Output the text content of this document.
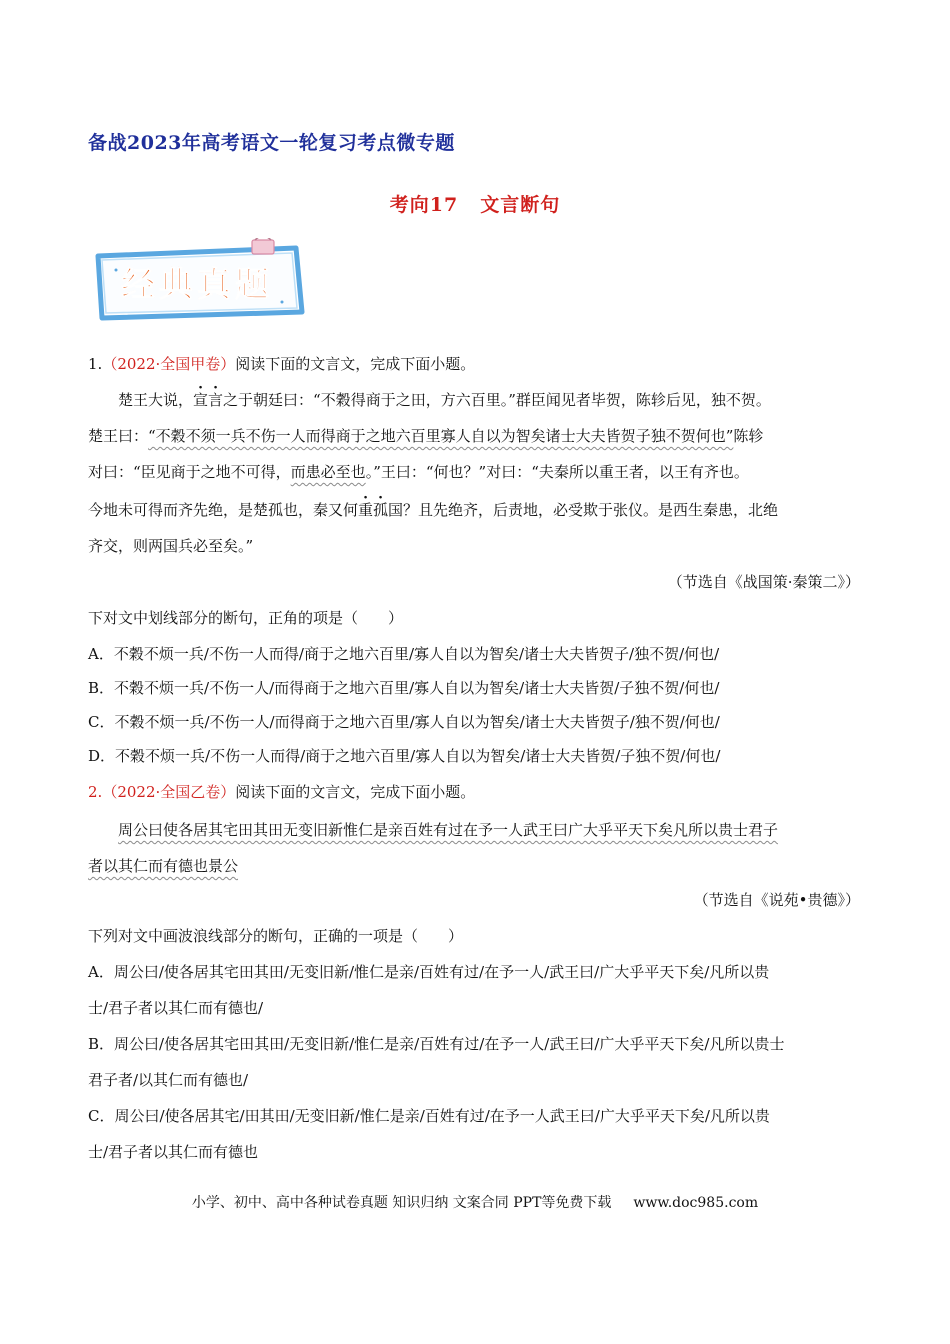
备战2023年高考语文一轮复习考点微专题
考向17 文言断句
经典真题
1.（2022·全国甲卷）阅读下面的文言文，完成下面小题。
楚王大说，宣言之于朝廷曰：“不穀得商于之田，方六百里。”群臣闻见者毕贺，陈轸后见，独不贺。
楚王曰：“不穀不须一兵不伤一人而得商于之地六百里寡人自以为智矣诸士大夫皆贺子独不贺何也”陈轸
对曰：“臣见商于之地不可得，而患必至也。”王曰：“何也？”对曰：“夫秦所以重王者，以王有齐也。
今地未可得而齐先绝，是楚孤也，秦又何重孤国？且先绝齐，后责地，必受欺于张仪。是西生秦患，北绝
齐交，则两国兵必至矣。”
（节选自《战国策·秦策二》）
下对文中划线部分的断句，正角的项是（　　）
A．不穀不烦一兵/不伤一人而得/商于之地六百里/寡人自以为智矣/诸士大夫皆贺子/独不贺/何也/
B．不穀不烦一兵/不伤一人/而得商于之地六百里/寡人自以为智矣/诸士大夫皆贺/子独不贺/何也/
C．不穀不烦一兵/不伤一人/而得商于之地六百里/寡人自以为智矣/诸士大夫皆贺子/独不贺/何也/
D．不穀不烦一兵/不伤一人而得/商于之地六百里/寡人自以为智矣/诸士大夫皆贺/子独不贺/何也/
2.（2022·全国乙卷）阅读下面的文言文，完成下面小题。
周公曰使各居其宅田其田无变旧新惟仁是亲百姓有过在予一人武王曰广大乎平天下矣凡所以贵士君子
者以其仁而有德也景公
（节选自《说苑•贵德》）
下列对文中画波浪线部分的断句，正确的一项是（　　）
A．周公曰/使各居其宅田其田/无变旧新/惟仁是亲/百姓有过/在予一人/武王曰/广大乎平天下矣/凡所以贵
士/君子者以其仁而有德也/
B．周公曰/使各居其宅田其田/无变旧新/惟仁是亲/百姓有过/在予一人/武王曰/广大乎平天下矣/凡所以贵士
君子者/以其仁而有德也/
C．周公曰/使各居其宅/田其田/无变旧新/惟仁是亲/百姓有过/在予一人武王曰/广大乎平天下矣/凡所以贵
士/君子者以其仁而有德也
小学、初中、高中各种试卷真题 知识归纳 文案合同 PPT等免费下载 www.doc985.com
